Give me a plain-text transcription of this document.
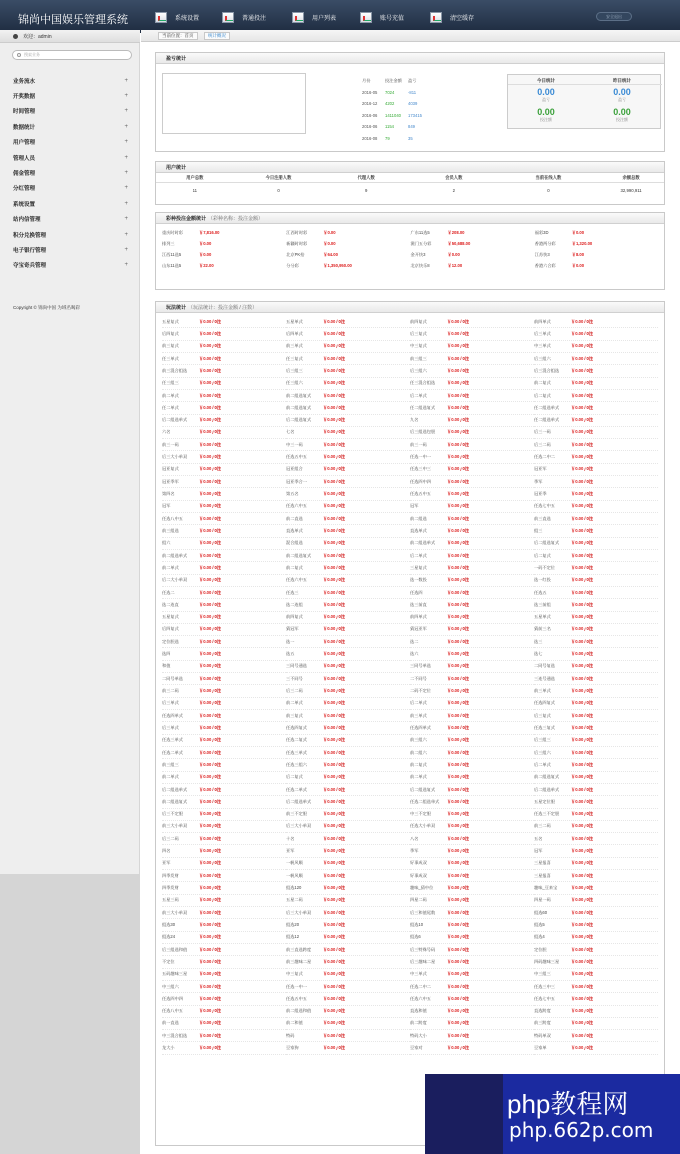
锦尚中国娱乐管理系统	系统设置	普通投注	用户列表	账号充值	清空缓存	安全退出
欢迎：admin
搜索业务
业务流水	+
开奖数据	+
时间管理	+
数据统计	+
用户管理	+
管理人员	+
佣金管理	+
分红管理	+
系统设置	+
站内信管理	+
积分兑换管理	+
电子银行管理	+
夺宝奇兵管理	+
Copyright © 锦尚中国 为域名喝彩
当前位置：首页	统计概况
盈亏统计
月份	投注金额	盈亏
2016-05	7024	-811
2016-12	4202	4039
2016-06	1411040	173415
2016-06	1154	849
2016-08	79	35
今日统计
0.00
盈亏
0.00
投注额
昨日统计
0.00
盈亏
0.00
投注额
用户统计
用户总数	今日注册人数	代理人数	会员人数	当前在线人数	余额总数
11	0	9	2	0	32,990,911
彩种投注金额统计 （彩种名称：投注金额）
重庆时时彩	￥7,816.00	江西时时彩	￥0.00	广东11选5	￥208.00	福彩3D	￥0.00
排列三	￥0.00	新疆时时彩	￥0.00	澳门五分彩	￥50,688.00	香港两分彩	￥1,320.00
江西11选5	￥0.00	北京PK拾	￥64.00	金开快3	￥0.00	江苏快3	￥8.00
山东11选5	￥22.00	分分彩	￥1,350,950.00	北京快乐8	￥12.00	香港六合彩	￥0.00
玩法统计 （玩法统计：投注金额 / 注数）
五星复式	￥0.00 / 0注	五星单式	￥0.00 / 0注	前四复式	￥0.00 / 0注	前四单式	￥0.00 / 0注
后四复式	￥0.00 / 0注	后四单式	￥0.00 / 0注	后三复式	￥0.00 / 0注	后三单式	￥0.00 / 0注
前三复式	￥0.00 / 0注	前三单式	￥0.00 / 0注	中三复式	￥0.00 / 0注	中三单式	￥0.00 / 0注
任三单式	￥0.00 / 0注	任三复式	￥0.00 / 0注	前三组三	￥0.00 / 0注	后三组六	￥0.00 / 0注
前三混合组选	￥0.00 / 0注	后三组三	￥0.00 / 0注	后三组六	￥0.00 / 0注	后三混合组选	￥0.00 / 0注
任三组三	￥0.00 / 0注	任三组六	￥0.00 / 0注	任三混合组选	￥0.00 / 0注	前二复式	￥0.00 / 0注
前二单式	￥0.00 / 0注	前二组选复式	￥0.00 / 0注	后二单式	￥0.00 / 0注	后二复式	￥0.00 / 0注
任二单式	￥0.00 / 0注	前二组选复式	￥0.00 / 0注	任二组选复式	￥0.00 / 0注	任二组选单式	￥0.00 / 0注
后二组选单式	￥0.00 / 0注	后二组选复式	￥0.00 / 0注	九名	￥0.00 / 0注	任二组选单式	￥0.00 / 0注
六名	￥0.00 / 0注	七名	￥0.00 / 0注	后三组选包胆	￥0.00 / 0注	后三一码	￥0.00 / 0注
前三一码	￥0.00 / 0注	中三一码	￥0.00 / 0注	前三一码	￥0.00 / 0注	后三二码	￥0.00 / 0注
后三大小单双	￥0.00 / 0注	任选五中五	￥0.00 / 0注	任选一中一	￥0.00 / 0注	任选二中二	￥0.00 / 0注
冠亚复式	￥0.00 / 0注	冠亚组合	￥0.00 / 0注	任选三中三	￥0.00 / 0注	冠亚军	￥0.00 / 0注
冠亚季军	￥0.00 / 0注	冠亚季合一	￥0.00 / 0注	任选四中四	￥0.00 / 0注	季军	￥0.00 / 0注
第四名	￥0.00 / 0注	第五名	￥0.00 / 0注	任选五中五	￥0.00 / 0注	冠亚季	￥0.00 / 0注
冠军	￥0.00 / 0注	任选六中五	￥0.00 / 0注	冠军	￥0.00 / 0注	任选七中五	￥0.00 / 0注
任选八中五	￥0.00 / 0注	前二直选	￥0.00 / 0注	前二组选	￥0.00 / 0注	前三直选	￥0.00 / 0注
前三组选	￥0.00 / 0注	直选单式	￥0.00 / 0注	直选单式	￥0.00 / 0注	组三	￥0.00 / 0注
组六	￥0.00 / 0注	混合组选	￥0.00 / 0注	前二组选单式	￥0.00 / 0注	后二组选复式	￥0.00 / 0注
前二组选单式	￥0.00 / 0注	前二组选复式	￥0.00 / 0注	后二单式	￥0.00 / 0注	后二复式	￥0.00 / 0注
前二单式	￥0.00 / 0注	前二复式	￥0.00 / 0注	三星复式	￥0.00 / 0注	一码不定位	￥0.00 / 0注
后二大小单双	￥0.00 / 0注	任选六中五	￥0.00 / 0注	选一数投	￥0.00 / 0注	选一红投	￥0.00 / 0注
任选二	￥0.00 / 0注	任选三	￥0.00 / 0注	任选四	￥0.00 / 0注	任选五	￥0.00 / 0注
选二连直	￥0.00 / 0注	选二连组	￥0.00 / 0注	选三前直	￥0.00 / 0注	选三前组	￥0.00 / 0注
五星复式	￥0.00 / 0注	前四复式	￥0.00 / 0注	前四单式	￥0.00 / 0注	五星单式	￥0.00 / 0注
后四复式	￥0.00 / 0注	猜冠军	￥0.00 / 0注	猜冠亚军	￥0.00 / 0注	猜前三名	￥0.00 / 0注
定位胆选	￥0.00 / 0注	选一	￥0.00 / 0注	选二	￥0.00 / 0注	选三	￥0.00 / 0注
选四	￥0.00 / 0注	选五	￥0.00 / 0注	选六	￥0.00 / 0注	选七	￥0.00 / 0注
和值	￥0.00 / 0注	三同号通选	￥0.00 / 0注	三同号单选	￥0.00 / 0注	二同号复选	￥0.00 / 0注
二同号单选	￥0.00 / 0注	三不同号	￥0.00 / 0注	二不同号	￥0.00 / 0注	三连号通选	￥0.00 / 0注
前三二码	￥0.00 / 0注	后三二码	￥0.00 / 0注	二码不定位	￥0.00 / 0注	前三单式	￥0.00 / 0注
后三单式	￥0.00 / 0注	前二单式	￥0.00 / 0注	后二单式	￥0.00 / 0注	任选四复式	￥0.00 / 0注
任选四单式	￥0.00 / 0注	前三复式	￥0.00 / 0注	前三单式	￥0.00 / 0注	后三复式	￥0.00 / 0注
后三单式	￥0.00 / 0注	任选四复式	￥0.00 / 0注	任选四单式	￥0.00 / 0注	任选三复式	￥0.00 / 0注
任选三单式	￥0.00 / 0注	任选二复式	￥0.00 / 0注	前三组六	￥0.00 / 0注	后三组三	￥0.00 / 0注
任选二单式	￥0.00 / 0注	任选三单式	￥0.00 / 0注	前二组六	￥0.00 / 0注	后三组六	￥0.00 / 0注
前三组三	￥0.00 / 0注	任选三组六	￥0.00 / 0注	前二复式	￥0.00 / 0注	后二单式	￥0.00 / 0注
前二单式	￥0.00 / 0注	后二复式	￥0.00 / 0注	前二单式	￥0.00 / 0注	前二组选复式	￥0.00 / 0注
后二组选单式	￥0.00 / 0注	任选二单式	￥0.00 / 0注	后二组选复式	￥0.00 / 0注	后二组选单式	￥0.00 / 0注
前二组选复式	￥0.00 / 0注	后二组选单式	￥0.00 / 0注	任选二组选单式	￥0.00 / 0注	五星定位胆	￥0.00 / 0注
后三不定胆	￥0.00 / 0注	前三不定胆	￥0.00 / 0注	中三不定胆	￥0.00 / 0注	任选三不定胆	￥0.00 / 0注
前三大小单双	￥0.00 / 0注	后三大小单双	￥0.00 / 0注	任选大小单双	￥0.00 / 0注	前三二码	￥0.00 / 0注
后三二码	￥0.00 / 0注	十名	￥0.00 / 0注	八名	￥0.00 / 0注	五名	￥0.00 / 0注
四名	￥0.00 / 0注	亚军	￥0.00 / 0注	季军	￥0.00 / 0注	冠军	￥0.00 / 0注
亚军	￥0.00 / 0注	一帆风顺	￥0.00 / 0注	好事成双	￥0.00 / 0注	三星报喜	￥0.00 / 0注
四季发财	￥0.00 / 0注	一帆风顺	￥0.00 / 0注	好事成双	￥0.00 / 0注	三星报喜	￥0.00 / 0注
四季发财	￥0.00 / 0注	组选120	￥0.00 / 0注	趣味_猜中位	￥0.00 / 0注	趣味_豆来宝	￥0.00 / 0注
五星三码	￥0.00 / 0注	五星二码	￥0.00 / 0注	四星二码	￥0.00 / 0注	四星一码	￥0.00 / 0注
前三大小单双	￥0.00 / 0注	后三大小单双	￥0.00 / 0注	后三和值尾数	￥0.00 / 0注	组选60	￥0.00 / 0注
组选30	￥0.00 / 0注	组选20	￥0.00 / 0注	组选10	￥0.00 / 0注	组选5	￥0.00 / 0注
组选24	￥0.00 / 0注	组选12	￥0.00 / 0注	组选6	￥0.00 / 0注	组选4	￥0.00 / 0注
后三组选和值	￥0.00 / 0注	前三直选跨度	￥0.00 / 0注	后三特殊号码	￥0.00 / 0注	定位胆	￥0.00 / 0注
不定位	￥0.00 / 0注	前三趣味二星	￥0.00 / 0注	后三趣味二星	￥0.00 / 0注	四码趣味三星	￥0.00 / 0注
五码趣味三星	￥0.00 / 0注	中三复式	￥0.00 / 0注	中三单式	￥0.00 / 0注	中三组三	￥0.00 / 0注
中三组六	￥0.00 / 0注	任选一中一	￥0.00 / 0注	任选二中二	￥0.00 / 0注	任选三中三	￥0.00 / 0注
任选四中四	￥0.00 / 0注	任选五中五	￥0.00 / 0注	任选六中五	￥0.00 / 0注	任选七中五	￥0.00 / 0注
任选八中五	￥0.00 / 0注	前二组选和值	￥0.00 / 0注	直选和值	￥0.00 / 0注	直选跨度	￥0.00 / 0注
前一直选	￥0.00 / 0注	前二和值	￥0.00 / 0注	前二跨度	￥0.00 / 0注	前三跨度	￥0.00 / 0注
中三混合组选	￥0.00 / 0注	特码	￥0.00 / 0注	特码大小	￥0.00 / 0注	特码单双	￥0.00 / 0注
龙大小	￥0.00 / 0注	豆家狗	￥0.00 / 0注	豆家对	￥0.00 / 0注	豆家单	￥0.00 / 0注
php教程网
php.662p.com
